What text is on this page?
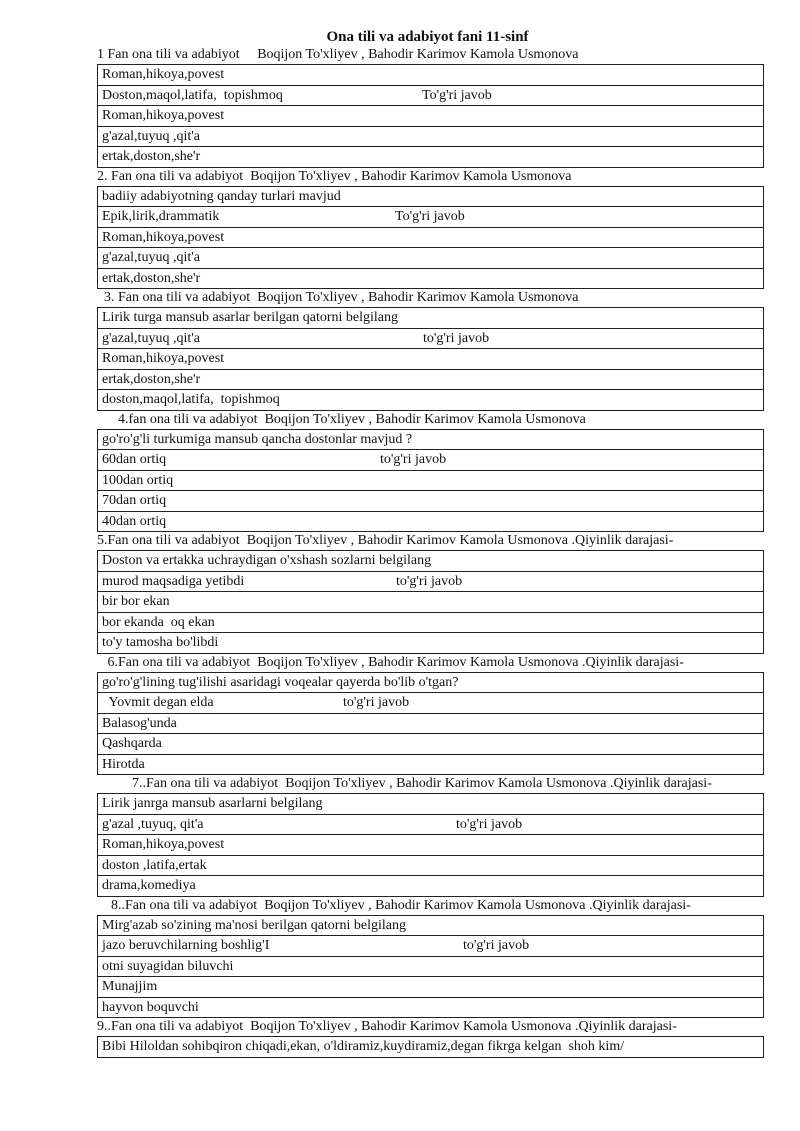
Ona tili va adabiyot fani 11-sinf
1 Fan ona tili va adabiyot     Boqijon To'xliyev , Bahodir Karimov Kamola Usmonova
Roman,hikoya,povest
Doston,maqol,latifa,  topishmoq	To'g'ri javob
Roman,hikoya,povest
g'azal,tuyuq ,qit'a
ertak,doston,she'r
2. Fan ona tili va adabiyot  Boqijon To'xliyev , Bahodir Karimov Kamola Usmonova
badiiy adabiyotning qanday turlari mavjud
Epik,lirik,drammatik	To'g'ri javob
Roman,hikoya,povest
g'azal,tuyuq ,qit'a
ertak,doston,she'r
3. Fan ona tili va adabiyot  Boqijon To'xliyev , Bahodir Karimov Kamola Usmonova
Lirik turga mansub asarlar berilgan qatorni belgilang
g'azal,tuyuq ,qit'a	to'g'ri javob
Roman,hikoya,povest
ertak,doston,she'r
doston,maqol,latifa,  topishmoq
4.fan ona tili va adabiyot  Boqijon To'xliyev , Bahodir Karimov Kamola Usmonova
go'ro'g'li turkumiga mansub qancha dostonlar mavjud ?
60dan ortiq	to'g'ri javob
100dan ortiq
70dan ortiq
40dan ortiq
5.Fan ona tili va adabiyot  Boqijon To'xliyev , Bahodir Karimov Kamola Usmonova .Qiyinlik darajasi-
Doston va ertakka uchraydigan o'xshash sozlarni belgilang
murod maqsadiga yetibdi	to'g'ri javob
bir bor ekan
bor ekanda  oq ekan
to'y tamosha bo'libdi
6.Fan ona tili va adabiyot  Boqijon To'xliyev , Bahodir Karimov Kamola Usmonova .Qiyinlik darajasi-
go'ro'g'lining tug'ilishi asaridagi voqealar qayerda bo'lib o'tgan?
Yovmit degan elda	to'g'ri javob
Balasog'unda
Qashqarda
Hirotda
7..Fan ona tili va adabiyot  Boqijon To'xliyev , Bahodir Karimov Kamola Usmonova .Qiyinlik darajasi-
Lirik janrga mansub asarlarni belgilang
g'azal ,tuyuq, qit'a	to'g'ri javob
Roman,hikoya,povest
doston ,latifa,ertak
drama,komediya
8..Fan ona tili va adabiyot  Boqijon To'xliyev , Bahodir Karimov Kamola Usmonova .Qiyinlik darajasi-
Mirg'azab so'zining ma'nosi berilgan qatorni belgilang
jazo beruvchilarning boshlig'I	to'g'ri javob
otni suyagidan biluvchi
Munajjim
hayvon boquvchi
9..Fan ona tili va adabiyot  Boqijon To'xliyev , Bahodir Karimov Kamola Usmonova .Qiyinlik darajasi-
Bibi Hiloldan sohibqiron chiqadi,ekan, o'ldiramiz,kuydiramiz,degan fikrga kelgan  shoh kim/
